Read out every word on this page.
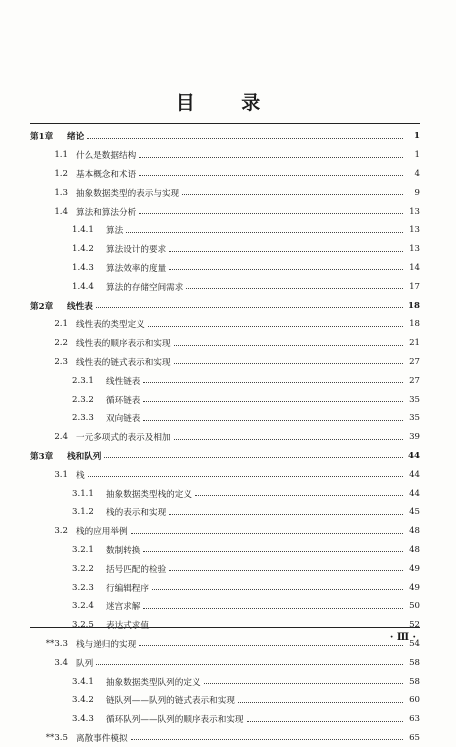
目 录
第1章	绪论	1
1.1 什么是数据结构	1
1.2 基本概念和术语	4
1.3 抽象数据类型的表示与实现	9
1.4 算法和算法分析	13
1.4.1	算法	13
1.4.2	算法设计的要求	13
1.4.3	算法效率的度量	14
1.4.4	算法的存储空间需求	17
第2章	线性表	18
2.1 线性表的类型定义	18
2.2 线性表的顺序表示和实现	21
2.3 线性表的链式表示和实现	27
2.3.1	线性链表	27
2.3.2	循环链表	35
2.3.3	双向链表	35
2.4 一元多项式的表示及相加	39
第3章	栈和队列	44
3.1 栈	44
3.1.1	抽象数据类型栈的定义	44
3.1.2	栈的表示和实现	45
3.2 栈的应用举例	48
3.2.1	数制转换	48
3.2.2	括号匹配的检验	49
3.2.3	行编辑程序	49
3.2.4	迷宫求解	50
3.2.5	表达式求值	52
**3.3 栈与递归的实现	54
3.4 队列	58
3.4.1	抽象数据类型队列的定义	58
3.4.2	链队列——队列的链式表示和实现	60
3.4.3	循环队列——队列的顺序表示和实现	63
**3.5 离散事件模拟	65
· Ⅲ ·
